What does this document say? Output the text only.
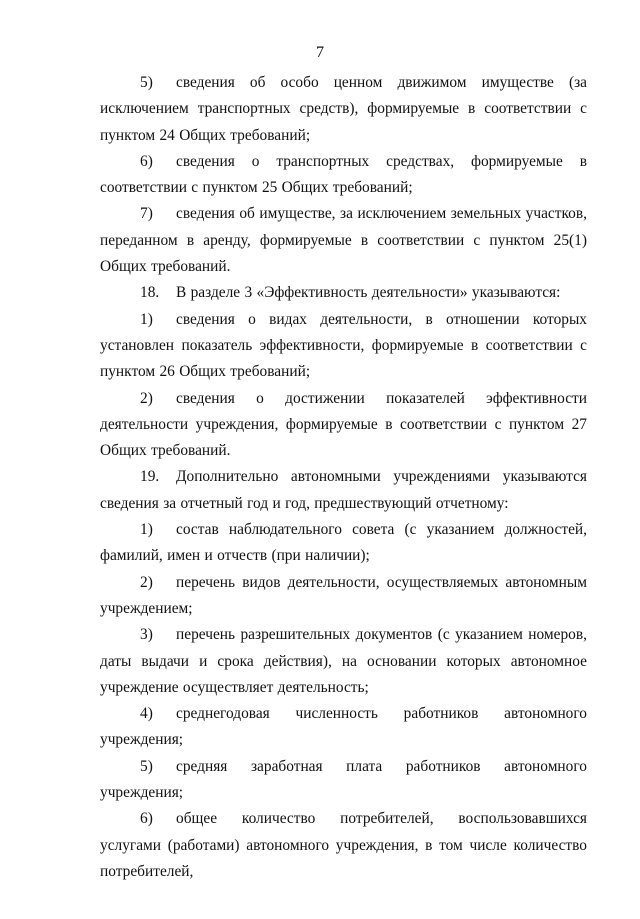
7

5) сведения об особо ценном движимом имуществе (за исключением транспортных средств), формируемые в соответствии с пунктом 24 Общих требований;

6) сведения о транспортных средствах, формируемые в соответствии с пунктом 25 Общих требований;

7) сведения об имуществе, за исключением земельных участков, переданном в аренду, формируемые в соответствии с пунктом 25(1) Общих требований.

18. В разделе 3 «Эффективность деятельности» указываются:

1) сведения о видах деятельности, в отношении которых установлен показатель эффективности, формируемые в соответствии с пунктом 26 Общих требований;

2) сведения о достижении показателей эффективности деятельности учреждения, формируемые в соответствии с пунктом 27 Общих требований.

19. Дополнительно автономными учреждениями указываются сведения за отчетный год и год, предшествующий отчетному:

1) состав наблюдательного совета (с указанием должностей, фамилий, имен и отчеств (при наличии);

2) перечень видов деятельности, осуществляемых автономным учреждением;

3) перечень разрешительных документов (с указанием номеров, даты выдачи и срока действия), на основании которых автономное учреждение осуществляет деятельность;

4) среднегодовая численность работников автономного учреждения;

5) средняя заработная плата работников автономного учреждения;

6) общее количество потребителей, воспользовавшихся услугами (работами) автономного учреждения, в том числе количество потребителей,
